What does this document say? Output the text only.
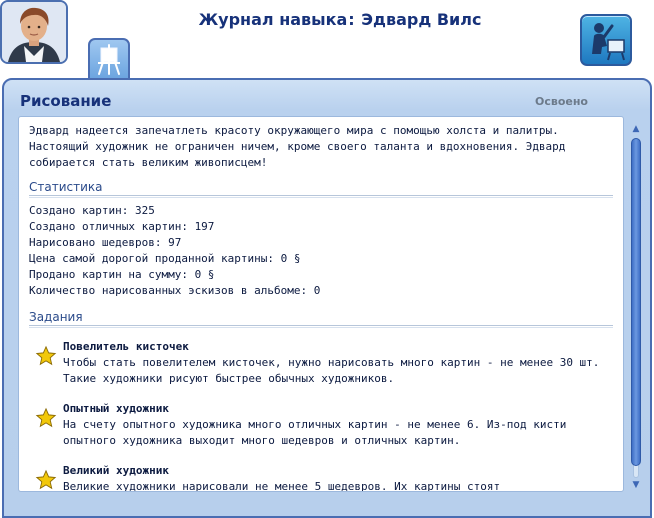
Журнал навыка: Эдвард Вилс
Рисование	Освоено
Эдвард надеется запечатлеть красоту окружающего мира с помощью холста и палитры. Настоящий художник не ограничен ничем, кроме своего таланта и вдохновения. Эдвард собирается стать великим живописцем!
Статистика
Создано картин: 325
Создано отличных картин: 197
Нарисовано шедевров: 97
Цена самой дорогой проданной картины: 0 §
Продано картин на сумму: 0 §
Количество нарисованных эскизов в альбоме: 0
Задания
Повелитель кисточек
Чтобы стать повелителем кисточек, нужно нарисовать много картин - не менее 30 шт. Такие художники рисуют быстрее обычных художников.
Опытный художник
На счету опытного художника много отличных картин - не менее 6. Из-под кисти опытного художника выходит много шедевров и отличных картин.
Великий художник
Великие художники нарисовали не менее 5 шедевров. Их картины стоят
▲
▼
